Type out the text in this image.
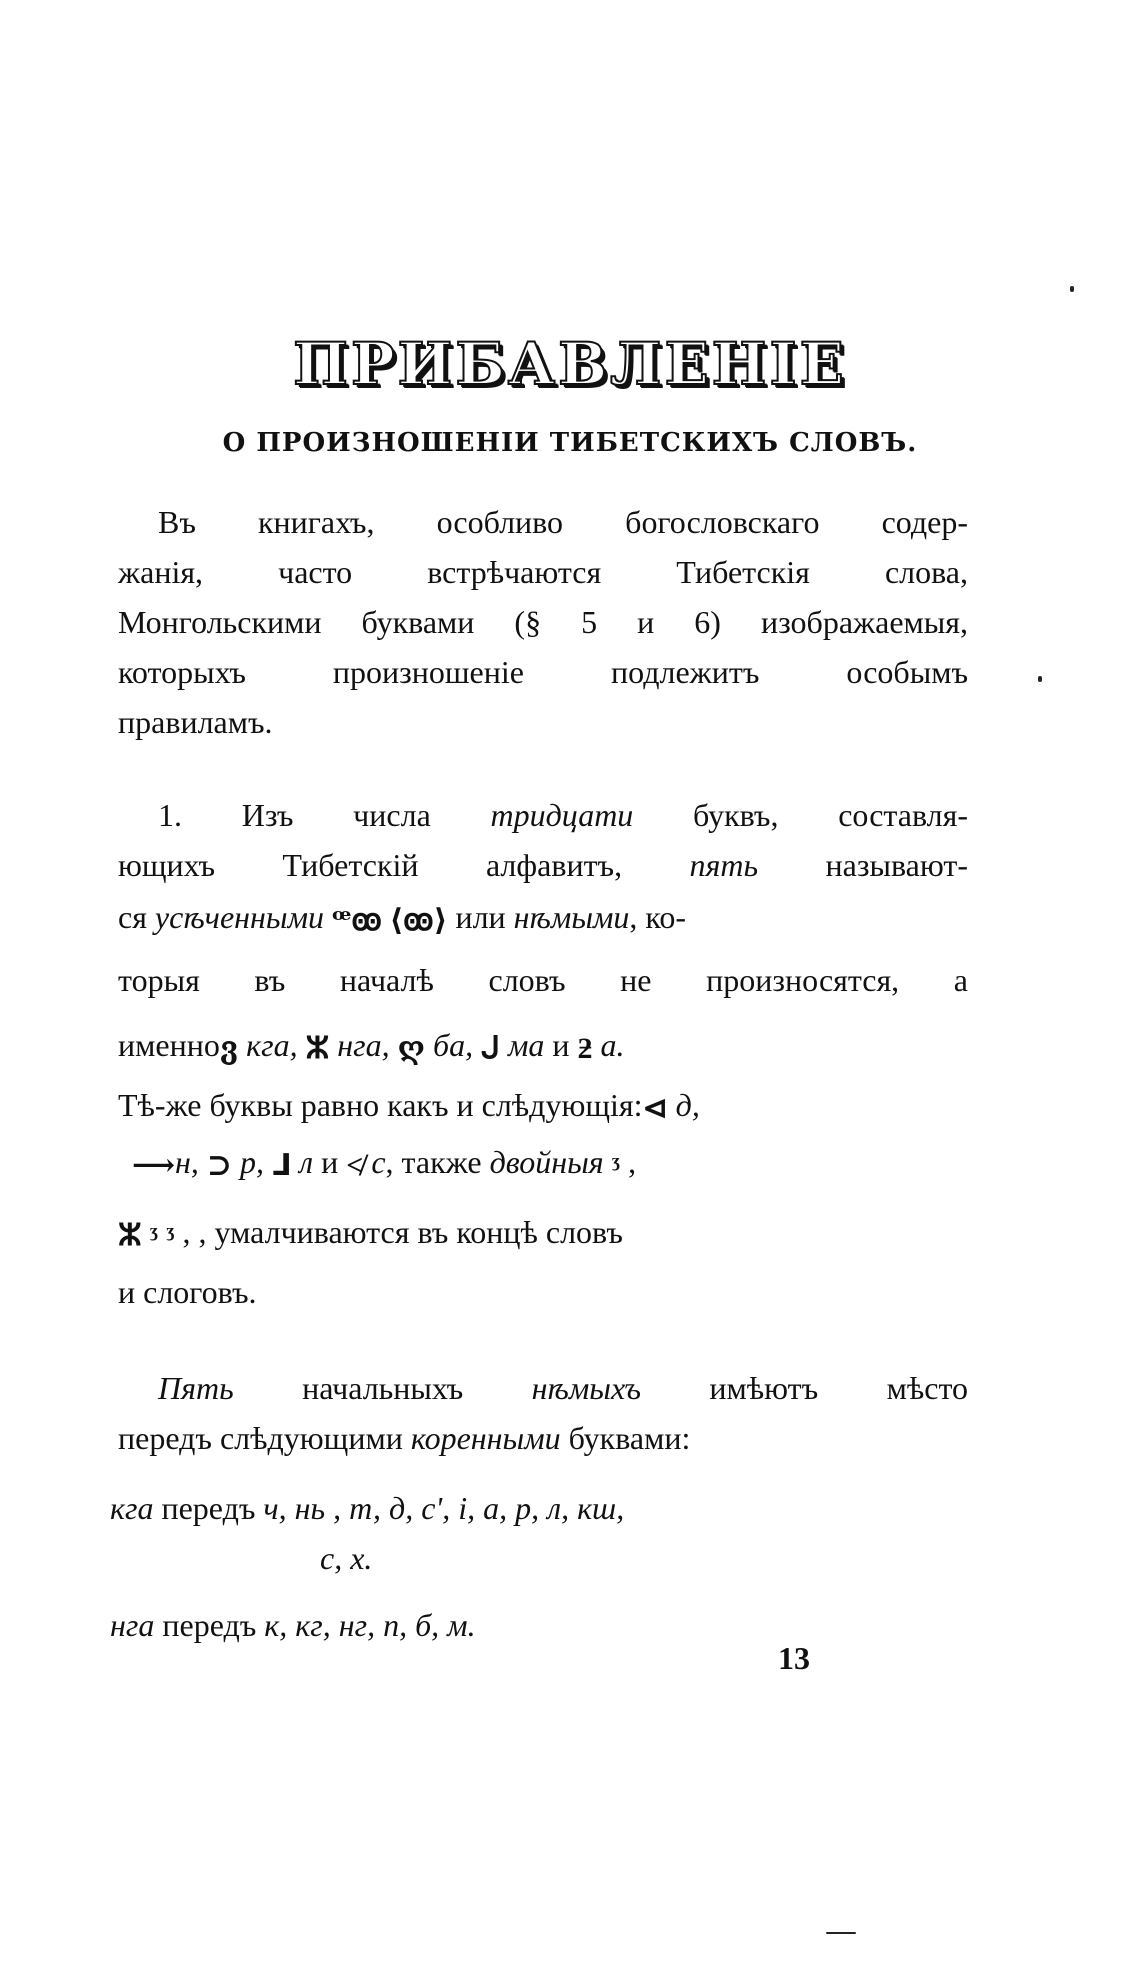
ПРИБАВЛЕНІЕ
О ПРОИЗНОШЕНІИ ТИБЕТСКИХЪ СЛОВЪ.
Въ книгахъ, особливо богословскаго содер-
жанія, часто встрѣчаются Тибетскія слова,
Монгольскими буквами (§ 5 и 6) изображаемыя,
которыхъ произношеніе подлежитъ особымъ
правиламъ.
1. Изъ числа тридцати буквъ, составля-
ющихъ Тибетскій алфавитъ, пять называют-
ся усѣченными ꟹꙭ ⟨ꙭ⟩ или нѣмыми, ко-
торыя въ началѣ словъ не произносятся, а
именноვ кга, ⵣ нга, ღ ба, ᒍ ма и ƻ а.
Тѣ-же буквы равно какъ и слѣдующія:⊲ д,
⟶н, ⊃ р, ⅃ л и ≮ с, также двойныя ᶾ ,
ⵣ ᶾ ᶾ , , умалчиваются въ концѣ словъ
и слоговъ.
Пять начальныхъ нѣмыхъ имѣютъ мѣсто
передъ слѣдующими коренными буквами:
кга передъ ч, нь , т, д, с', і, а, р, л, кш,
с, х.
нга передъ к, кг, нг, п, б, м.
13
